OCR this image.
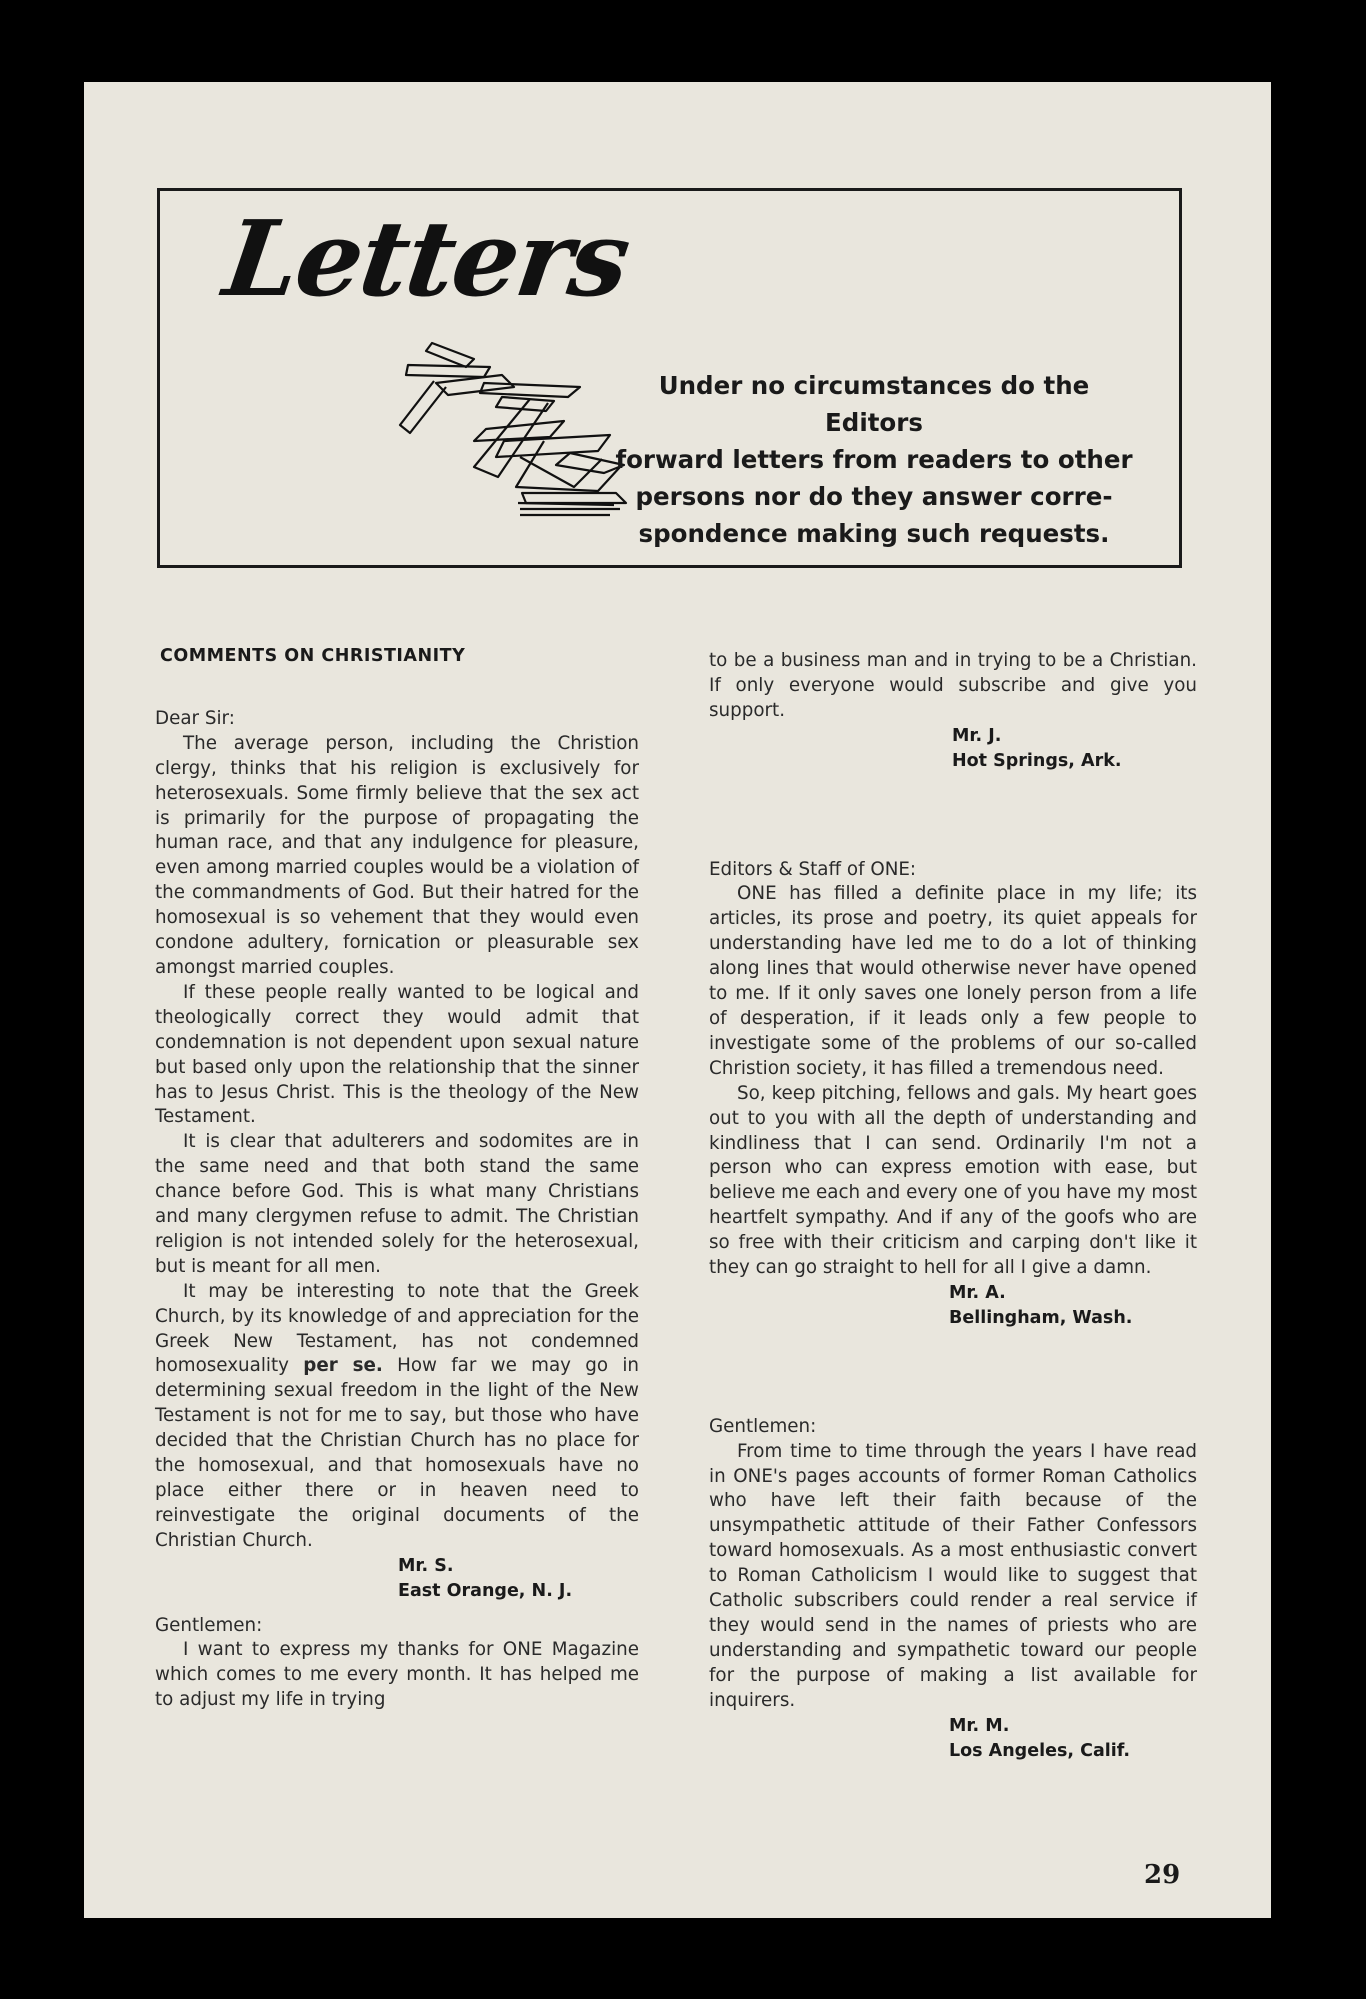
Letters
Under no circumstances do the Editors
forward letters from readers to other
persons nor do they answer corre-
spondence making such requests.
COMMENTS ON CHRISTIANITY

Dear Sir:

The average person, including the Christion clergy, thinks that his religion is exclusively for heterosexuals. Some firmly believe that the sex act is primarily for the purpose of propagating the human race, and that any indulgence for pleasure, even among married couples would be a violation of the commandments of God. But their hatred for the homosexual is so vehement that they would even condone adultery, fornication or pleasurable sex amongst married couples.

If these people really wanted to be logical and theologically correct they would admit that condemnation is not dependent upon sexual nature but based only upon the relationship that the sinner has to Jesus Christ. This is the theology of the New Testament.

It is clear that adulterers and sodomites are in the same need and that both stand the same chance before God. This is what many Christians and many clergymen refuse to admit. The Christian religion is not intended solely for the heterosexual, but is meant for all men.

It may be interesting to note that the Greek Church, by its knowledge of and appreciation for the Greek New Testament, has not condemned homosexuality per se. How far we may go in determining sexual freedom in the light of the New Testament is not for me to say, but those who have decided that the Christian Church has no place for the homosexual, and that homosexuals have no place either there or in heaven need to reinvestigate the original documents of the Christian Church.

Mr. S.
East Orange, N. J.

Gentlemen:

I want to express my thanks for ONE Magazine which comes to me every month. It has helped me to adjust my life in trying

to be a business man and in trying to be a Christian. If only everyone would subscribe and give you support.

Mr. J.
Hot Springs, Ark.

Editors & Staff of ONE:

ONE has filled a definite place in my life; its articles, its prose and poetry, its quiet appeals for understanding have led me to do a lot of thinking along lines that would otherwise never have opened to me. If it only saves one lonely person from a life of desperation, if it leads only a few people to investigate some of the problems of our so-called Christion society, it has filled a tremendous need.

So, keep pitching, fellows and gals. My heart goes out to you with all the depth of understanding and kindliness that I can send. Ordinarily I'm not a person who can express emotion with ease, but believe me each and every one of you have my most heartfelt sympathy. And if any of the goofs who are so free with their criticism and carping don't like it they can go straight to hell for all I give a damn.

Mr. A.
Bellingham, Wash.

Gentlemen:

From time to time through the years I have read in ONE's pages accounts of former Roman Catholics who have left their faith because of the unsympathetic attitude of their Father Confessors toward homosexuals. As a most enthusiastic convert to Roman Catholicism I would like to suggest that Catholic subscribers could render a real service if they would send in the names of priests who are understanding and sympathetic toward our people for the purpose of making a list available for inquirers.

Mr. M.
Los Angeles, Calif.
29
